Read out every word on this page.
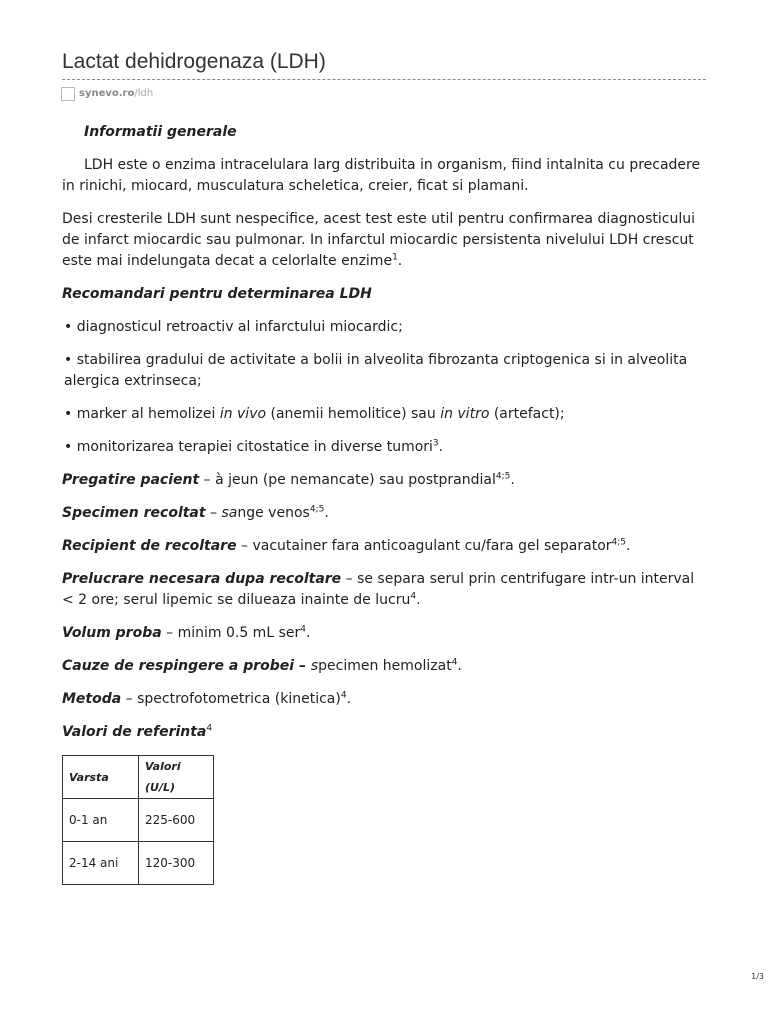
Lactat dehidrogenaza (LDH)
synevo.ro /ldh

Informatii generale

LDH este o enzima intracelulara larg distribuita in organism, fiind intalnita cu precadere in rinichi, miocard, musculatura scheletica, creier, ficat si plamani.

Desi cresterile LDH sunt nespecifice, acest test este util pentru confirmarea diagnosticului de infarct miocardic sau pulmonar. In infarctul miocardic persistenta nivelului LDH crescut este mai indelungata decat a celorlalte enzime$^1$.

Recomandari pentru determinarea LDH

• diagnosticul retroactiv al infarctului miocardic;

• stabilirea gradului de activitate a bolii in alveolita fibrozanta criptogenica si in alveolita alergica extrinseca;

• marker al hemolizei in vivo (anemii hemolitice) sau in vitro (artefact);

• monitorizarea terapiei citostatice in diverse tumori$^3$.

Pregatire pacient – à jeun (pe nemancate) sau postprandial$^{4;5}$.

Specimen recoltat – sange venos$^{4;5}$.

Recipient de recoltare – vacutainer fara anticoagulant cu/fara gel separator$^{4;5}$.

Prelucrare necesara dupa recoltare – se separa serul prin centrifugare intr-un interval < 2 ore; serul lipemic se dilueaza inainte de lucru$^4$.

Volum proba – minim 0.5 mL ser$^4$.

Cauze de respingere a probei – specimen hemolizat$^4$.

Metoda – spectrofotometrica (kinetica)$^4$.

Valori de referinta$^4$

Varsta	Valori (U/L)
0-1 an	225-600
2-14 ani	120-300
1/3
